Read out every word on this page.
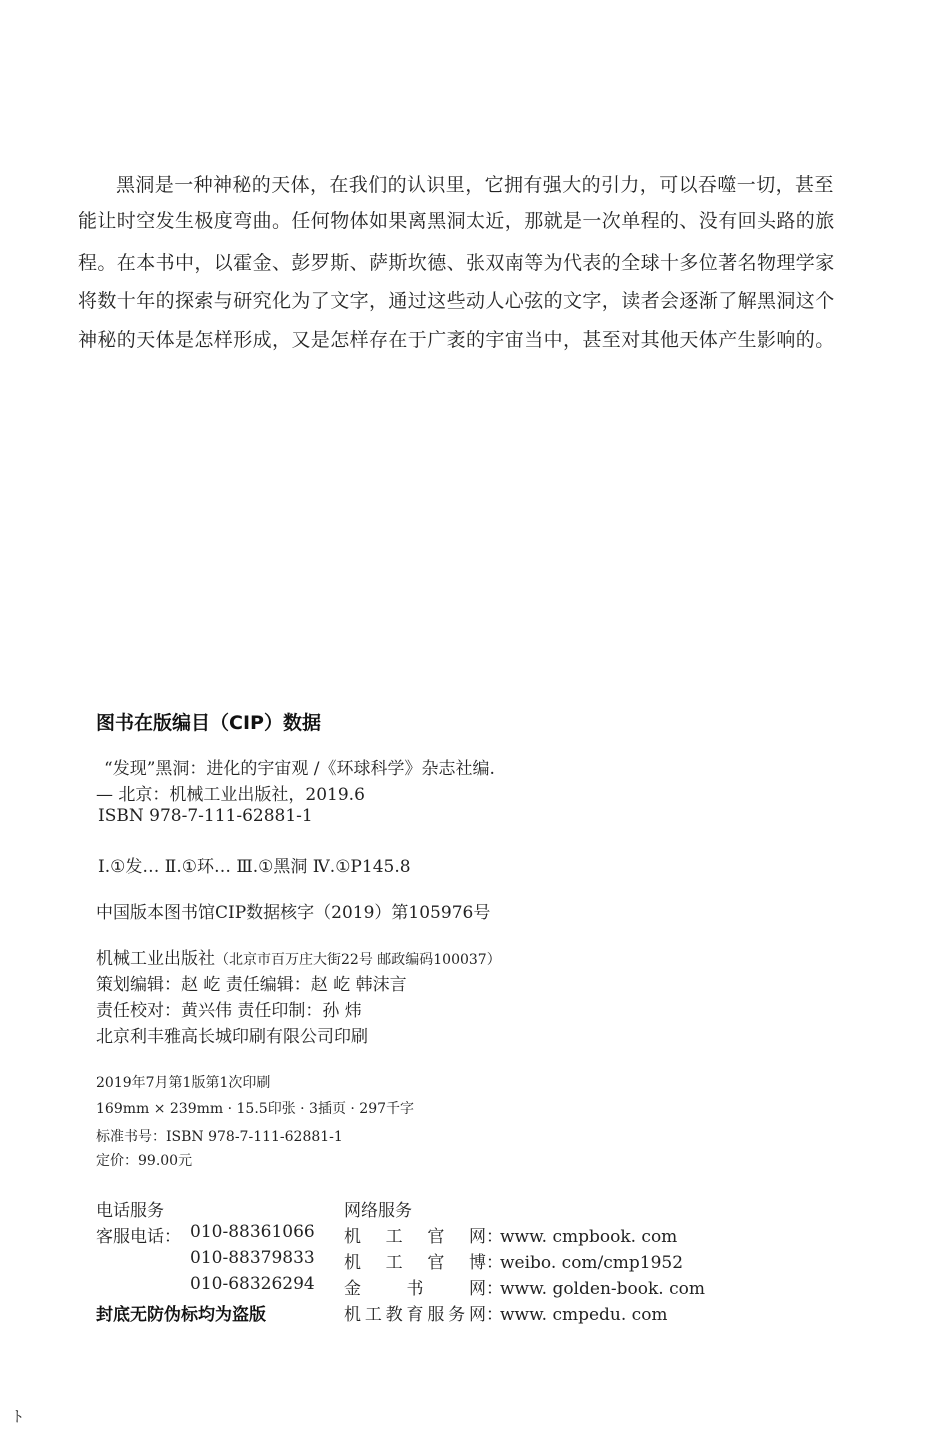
黑洞是一种神秘的天体，在我们的认识里，它拥有强大的引力，可以吞噬一切，甚至
能让时空发生极度弯曲。任何物体如果离黑洞太近，那就是一次单程的、没有回头路的旅
程。在本书中，以霍金、彭罗斯、萨斯坎德、张双南等为代表的全球十多位著名物理学家
将数十年的探索与研究化为了文字，通过这些动人心弦的文字，读者会逐渐了解黑洞这个
神秘的天体是怎样形成，又是怎样存在于广袤的宇宙当中，甚至对其他天体产生影响的。
图书在版编目（CIP）数据
“发现”黑洞：进化的宇宙观 /《环球科学》杂志社编.
— 北京：机械工业出版社，2019.6
ISBN 978-7-111-62881-1
Ⅰ.①发… Ⅱ.①环… Ⅲ.①黑洞 Ⅳ.①P145.8
中国版本图书馆CIP数据核字（2019）第105976号
机械工业出版社（北京市百万庄大街22号 邮政编码100037）
策划编辑：赵 屹 责任编辑：赵 屹 韩沫言
责任校对：黄兴伟 责任印制：孙 炜
北京利丰雅高长城印刷有限公司印刷
2019年7月第1版第1次印刷
169mm × 239mm · 15.5印张 · 3插页 · 297千字
标准书号：ISBN 978-7-111-62881-1
定价：99.00元
电话服务
客服电话： 010-88361066
010-88379833
010-68326294
封底无防伪标均为盗版
网络服务
机工官网：www. cmpbook. com
机工官博：weibo. com/cmp1952
金书网：www. golden-book. com
机工教育服务网：www. cmpedu. com
ﾄ
